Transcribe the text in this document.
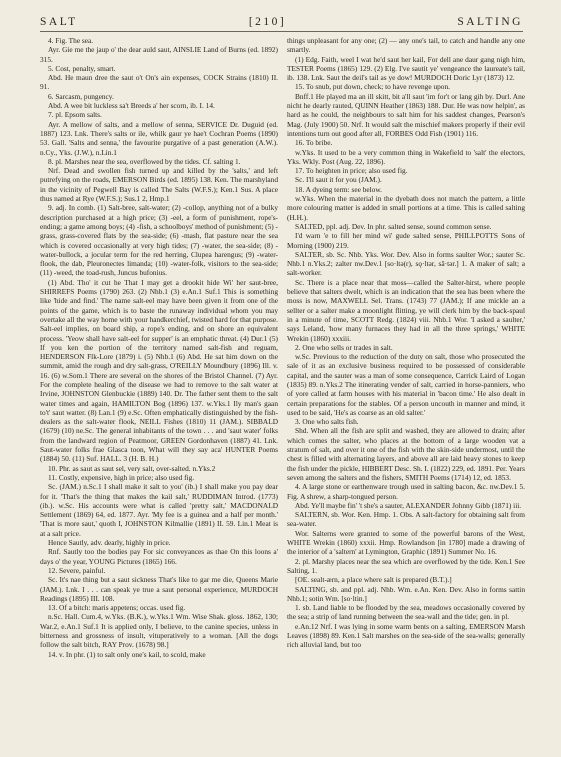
SALT	[210]	SALTING

4. Fig. The sea.

Ayr. Gie me the jaup o' the dear auld saut, AINSLIE Land of Burns (ed. 1892) 315.

5. Cost, penalty, smart.

Abd. He maun dree the saut o't On's ain expenses, COCK Strains (1810) II. 91.

6. Sarcasm, pungency.

Abd. A wee bit luckless sa't Breeds a' her scorn, ib. I. 14.

7. pl. Epsom salts.

Ayr. A mellow of salts, and a mellow of senna, SERVICE Dr. Duguid (ed. 1887) 123. Lnk. There's salts or ile, whilk gaur ye hae't Cochran Poems (1890) 53. Gall. 'Salts and senna,' the favourite purgative of a past generation (A.W.). n.Cy., Yks. (J.W.), n.Lin.1

8. pl. Marshes near the sea, overflowed by the tides. Cf. salting 1.

Nrf. Dead and swollen fish turned up and killed by the 'salts,' and left putrefying on the roads, EMERSON Birds (ed. 1895) 138. Ken. The marshyland in the vicinity of Pegwell Bay is called The Salts (W.F.S.); Ken.1 Sus. A place thus named at Rye (W.F.S.); Sus.1 2, Hmp.1

9. adj. In comb. (1) Salt-bree, salt-water; (2) -collop, anything not of a bulky description purchased at a high price; (3) -eel, a form of punishment, rope's-ending; a game among boys; (4) -fish, a schoolboys' method of punishment; (5) -grass, grass-covered flats by the sea-side; (6) -mash, flat pasture near the sea which is covered occasionally at very high tides; (7) -water, the sea-side; (8) -water-bullock, a jocular term for the red herring, Clupea harengus; (9) -water-flook, the dab, Pleuronectes limanda; (10) -water-folk, visitors to the sea-side; (11) -weed, the toad-rush, Juncus bufonius.

(1) Abd. Tho' it cut he That I may get a drookit hide Wi' her saut-bree, SHIRREFS Poems (1790) 263. (2) Nhb.1 (3) e.An.1 Suf.1 This is something like 'hide and find.' The name salt-eel may have been given it from one of the points of the game, which is to baste the runaway individual whom you may overtake all the way home with your handkerchief, twisted hard for that purpose. Salt-eel implies, on board ship, a rope's ending, and on shore an equivalent process. 'Yeow shall have salt-eel for supper' is an emphatic threat. (4) Dur.1 (5) If you ken the portion of the territory named salt-fish and reguam, HENDERSON Flk-Lore (1879) i. (5) Nhb.1 (6) Abd. He sat him down on the summit, amid the rough and dry salt-grass, O'REILLY Moundbury (1896) Ill. v. 16. (6) w.Som.1 There are several on the shores of the Bristol Channel. (7) Ayr. For the complete healing of the disease we had to remove to the salt water at Irvine, JOHNSTON Glenbuckie (1889) 140. Dr. The father sent them to the salt water times and again, HAMILTON Bog (1896) 137. w.Yks.1 Ily man's gaan to't' saut watter. (8) Lan.1 (9) e.Sc. Often emphatically distinguished by the fish-dealers as the salt-water flook, NEILL Fishes (1810) 11 (JAM.). SIBBALD (1679) (10) ne.Sc. The general inhabitants of the town . . . and 'saut water' folks from the landward region of Peatmoor, GREEN Gordonhaven (1887) 41. Lnk. Saut-water folks frae Glasca toon, What will they say aca' HUNTER Poems (1884) 50. (11) Suf. HALL. 3 (H. B. H.)

10. Phr. as saut as saut sel, very salt, over-salted. n.Yks.2

11. Costly, expensive, high in price; also used fig.

Sc. (JAM.) n.Sc.1 I shall make it salt to you' (ib.) I shall make you pay dear for it. 'That's the thing that makes the kail salt,' RUDDIMAN Introd. (1773) (ib.). w.Sc. His accounts were what is called 'pretty salt,' MACDONALD Settlement (1869) 64, ed. 1877. Ayr. 'My fee is a guinea and a half per month.' 'That is more saut,' quoth I, JOHNSTON Kilmallie (1891) II. 59. Lin.1 Meat is at a salt price.

Hence Sautly, adv. dearly, highly in price.

Rnf. Sautly too the bodies pay For sic conveyances as thae On this loons a' days o' the year, YOUNG Pictures (1865) 166.

12. Severe, painful.

Sc. It's nae thing but a saut sickness That's like to gar me die, Queens Marie (JAM.). Lnk. I . . . can speak ye true a saut personal experience, MURDOCH Readings (1895) III. 108.

13. Of a bitch: maris appetens; occas. used fig.

n.Sc. Hall. Cum.4, w.Yks. (B.K.), w.Yks.1 Wm. Wise Shak. gloss. 1862, 130; War.2, e.An.1 Suf.1 It is applied only, I believe, to the canine species, unless in bitterness and grossness of insult, vituperatively to a woman. [All the dogs follow the salt bitch, RAY Prov. (1678) 98.]

14. v. In phr. (1) to salt only one's kail, to scold, make

things unpleasant for any one; (2) — any one's tail, to catch and handle any one smartly.

(1) Edg. Faith, weel I wat he'd saut her kail, For dell ane daur gang nigh him, TESTER Poems (1865) 129. (2) Elg. I've sautit ye' vengeance the laureate's tail, ib. 138. Lnk. Saut the deil's tail as ye dow! MURDOCH Doric Lyr (1873) 12.

15. To snub, put down, check; to have revenge upon.

Bnff.1 He played ma an ill skitt, bit a'll saut 'im for't or lang gih by. Durl. Ane nicht he dearly rauted, QUINN Heather (1863) 188. Dur. He was now helpin', as hard as he could, the neighbours to salt him for his saddest changes, Pearson's Mag. (July 1900) 50. Nrf. It would salt the mischief makers properly if their evil intentions turn out good after all, FORBES Odd Fish (1901) 116.

16. To bribe.

w.Yks. It used to be a very common thing in Wakefield to 'salt' the electors, Yks. Wkly. Post (Aug. 22, 1896).

17. To heighten in price; also used fig.

Sc. I'll saut it for you (JAM.).

18. A dyeing term: see below.

w.Yks. When the material in the dyebath does not match the pattern, a little more colouring matter is added in small portions at a time. This is called salting (H.H.).

SALTED, ppl. adj. Dev. In phr. salted sense, sound common sense.

I'd warn 'e to fill her mind wi' gude salted sense, PHILLPOTTS Sons of Morning (1900) 219.

SALTER, sb. Sc. Nhb. Yks. Wor. Dev. Also in forms saulter Wor.; sauter Sc. Nhb.1 n.Yks.2; zalter nw.Dev.1 [so·ltə(r), sǫ·ltər, sā·tər.] 1. A maker of salt; a salt-worker.

Sc. There is a place near that moss—called the Salter-hirst, where people believe that salters dwelt, which is an indication that the sea has been where the moss is now, MAXWELL Sel. Trans. (1743) 77 (JAM.); If ane mickle an a sellter or a salter make a moonlight flitting, ye will clerk him by the back-spaul in a minute of time, SCOTT Redg. (1824) viii. Nhb.1 Wor. 'I asked a saulter,' says Leland, 'how many furnaces they had in all the three springs,' WHITE Wrekin (1860) xxxiii.

2. One who sells or trades in salt.

w.Sc. Previous to the reduction of the duty on salt, those who prosecuted the sale of it as an exclusive business required to be possessed of considerable capital, and the sauter was a man of some consequence, Carrick Laird of Logan (1835) 89. n.Yks.2 The itinerating vender of salt, carried in horse-panniers, who of yore called at farm houses with his material in 'bacon time.' He also dealt in certain preparations for the stables. Of a person uncouth in manner and mind, it used to be said, 'He's as coarse as an old salter.'

3. One who salts fish.

Shd. When all the fish are split and washed, they are allowed to drain; after which comes the salter, who places at the bottom of a large wooden vat a stratum of salt, and over it one of the fish with the skin-side undermost, until the chest is filled with alternating layers, and above all are laid heavy stones to keep the fish under the pickle, HIBBERT Desc. Sh. I. (1822) 229, ed. 1891. Per. Years seven among the salters and the fishers, SMITH Poems (1714) 12, ed. 1853.

4. A large stone or earthenware trough used in salting bacon, &c. nw.Dev.1 5. Fig. A shrew, a sharp-tongued person.

Abd. Ye'll maybe fin' 't she's a sauter, ALEXANDER Johnny Gibb (1871) iii.

SALTERN, sb. Wor. Ken. Hmp. 1. Obs. A salt-factory for obtaining salt from sea-water.

Wor. Salterns were granted to some of the powerful barons of the West, WHITE Wrekin (1860) xxxii. Hmp. Rowlandson [in 1780] made a drawing of the interior of a 'saltern' at Lymington, Graphic (1891) Summer No. 16.

2. pl. Marshy places near the sea which are overflowed by the tide. Ken.1 See Salting, 1.

[OE. sealt-ærn, a place where salt is prepared (B.T.).]

SALTING, sb. and ppl. adj. Nhb. Wm. e.An. Ken. Dev. Also in forms sattin Nhb.1; sotin Wm. [so·ltin.]

1. sb. Land liable to be flooded by the sea, meadows occasionally covered by the sea; a strip of land running between the sea-wall and the tide; gen. in pl.

e.An.12 Nrf. I was lying in some warm bents on a salting, EMERSON Marsh Leaves (1898) 89. Ken.1 Salt marshes on the sea-side of the sea-walls; generally rich alluvial land, but too
